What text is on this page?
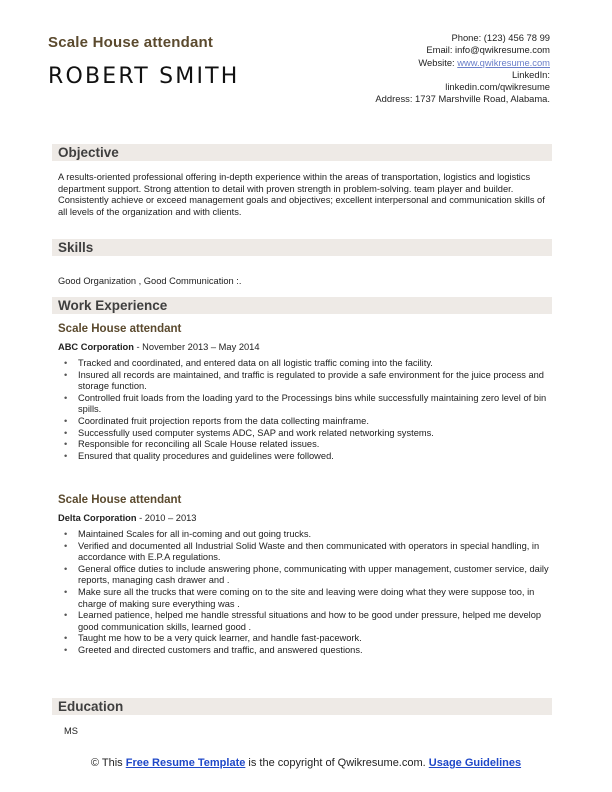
Scale House attendant
ROBERT SMITH
Phone: (123) 456 78 99
Email: info@qwikresume.com
Website: www.qwikresume.com
LinkedIn:
linkedin.com/qwikresume
Address: 1737 Marshville Road, Alabama.
Objective
A results-oriented professional offering in-depth experience within the areas of transportation, logistics and logistics department support. Strong attention to detail with proven strength in problem-solving. team player and builder. Consistently achieve or exceed management goals and objectives; excellent interpersonal and communication skills of all levels of the organization and with clients.
Skills
Good Organization , Good Communication :.
Work Experience
Scale House attendant
ABC Corporation - November 2013 – May 2014
• Tracked and coordinated, and entered data on all logistic traffic coming into the facility.
• Insured all records are maintained, and traffic is regulated to provide a safe environment for the juice process and storage function.
• Controlled fruit loads from the loading yard to the Processings bins while successfully maintaining zero level of bin spills.
• Coordinated fruit projection reports from the data collecting mainframe.
• Successfully used computer systems ADC, SAP and work related networking systems.
• Responsible for reconciling all Scale House related issues.
• Ensured that quality procedures and guidelines were followed.
Scale House attendant
Delta Corporation - 2010 – 2013
• Maintained Scales for all in-coming and out going trucks.
• Verified and documented all Industrial Solid Waste and then communicated with operators in special handling, in accordance with E.P.A regulations.
• General office duties to include answering phone, communicating with upper management, customer service, daily reports, managing cash drawer and .
• Make sure all the trucks that were coming on to the site and leaving were doing what they were suppose too, in charge of making sure everything was .
• Learned patience, helped me handle stressful situations and how to be good under pressure, helped me develop good communication skills, learned good .
• Taught me how to be a very quick learner, and handle fast-pacework.
• Greeted and directed customers and traffic, and answered questions.
Education
MS
© This Free Resume Template is the copyright of Qwikresume.com. Usage Guidelines
